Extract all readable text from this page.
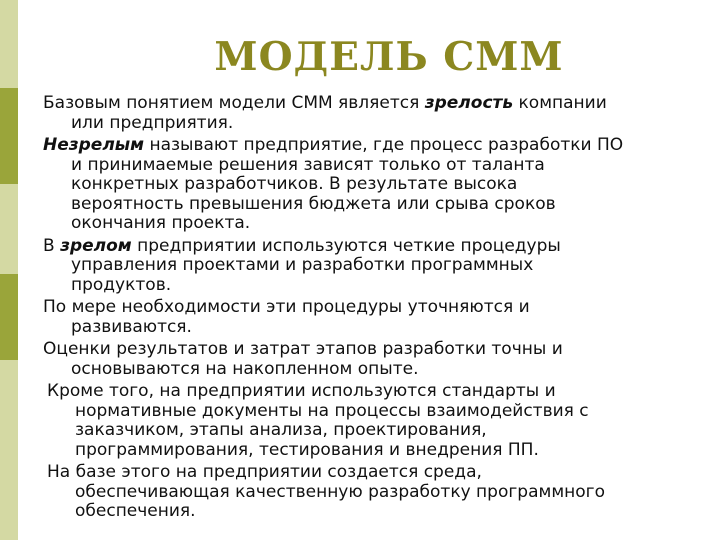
МОДЕЛЬ СММ

Базовым понятием модели CMM является зрелость компании
или предприятия.

Незрелым называют предприятие, где процесс разработки ПО
и принимаемые решения зависят только от таланта
конкретных разработчиков. В результате высока
вероятность превышения бюджета или срыва сроков
окончания проекта.

В зрелом предприятии используются четкие процедуры
управления проектами и разработки программных
продуктов.

По мере необходимости эти процедуры уточняются и
развиваются.

Оценки результатов и затрат этапов разработки точны и
основываются на накопленном опыте.

Кроме того, на предприятии используются стандарты и
нормативные документы на процессы взаимодействия с
заказчиком, этапы анализа, проектирования,
программирования, тестирования и внедрения ПП.

На базе этого на предприятии создается среда,
обеспечивающая качественную разработку программного
обеспечения.
